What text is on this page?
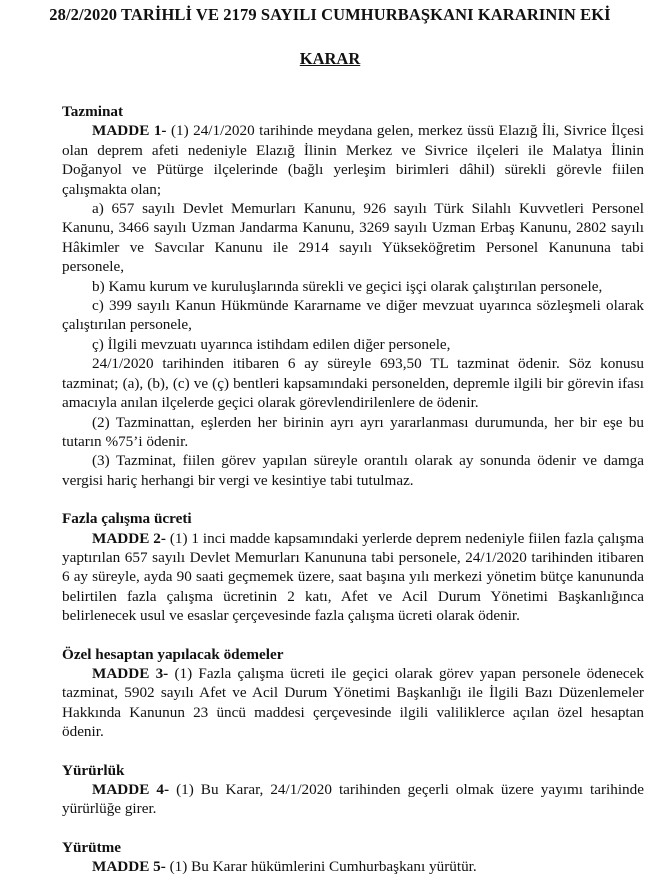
28/2/2020 TARİHLİ VE 2179 SAYILI CUMHURBAŞKANI KARARININ EKİ
KARAR
Tazminat

MADDE 1- (1) 24/1/2020 tarihinde meydana gelen, merkez üssü Elazığ İli, Sivrice İlçesi olan deprem afeti nedeniyle Elazığ İlinin Merkez ve Sivrice ilçeleri ile Malatya İlinin Doğanyol ve Pütürge ilçelerinde (bağlı yerleşim birimleri dâhil) sürekli görevle fiilen çalışmakta olan;

a) 657 sayılı Devlet Memurları Kanunu, 926 sayılı Türk Silahlı Kuvvetleri Personel Kanunu, 3466 sayılı Uzman Jandarma Kanunu, 3269 sayılı Uzman Erbaş Kanunu, 2802 sayılı Hâkimler ve Savcılar Kanunu ile 2914 sayılı Yükseköğretim Personel Kanununa tabi personele,

b) Kamu kurum ve kuruluşlarında sürekli ve geçici işçi olarak çalıştırılan personele,

c) 399 sayılı Kanun Hükmünde Kararname ve diğer mevzuat uyarınca sözleşmeli olarak çalıştırılan personele,

ç) İlgili mevzuatı uyarınca istihdam edilen diğer personele,

24/1/2020 tarihinden itibaren 6 ay süreyle 693,50 TL tazminat ödenir. Söz konusu tazminat; (a), (b), (c) ve (ç) bentleri kapsamındaki personelden, depremle ilgili bir görevin ifası amacıyla anılan ilçelerde geçici olarak görevlendirilenlere de ödenir.

(2) Tazminattan, eşlerden her birinin ayrı ayrı yararlanması durumunda, her bir eşe bu tutarın %75’i ödenir.

(3) Tazminat, fiilen görev yapılan süreyle orantılı olarak ay sonunda ödenir ve damga vergisi hariç herhangi bir vergi ve kesintiye tabi tutulmaz.

Fazla çalışma ücreti

MADDE 2- (1) 1 inci madde kapsamındaki yerlerde deprem nedeniyle fiilen fazla çalışma yaptırılan 657 sayılı Devlet Memurları Kanununa tabi personele, 24/1/2020 tarihinden itibaren 6 ay süreyle, ayda 90 saati geçmemek üzere, saat başına yılı merkezi yönetim bütçe kanununda belirtilen fazla çalışma ücretinin 2 katı, Afet ve Acil Durum Yönetimi Başkanlığınca belirlenecek usul ve esaslar çerçevesinde fazla çalışma ücreti olarak ödenir.

Özel hesaptan yapılacak ödemeler

MADDE 3- (1) Fazla çalışma ücreti ile geçici olarak görev yapan personele ödenecek tazminat, 5902 sayılı Afet ve Acil Durum Yönetimi Başkanlığı ile İlgili Bazı Düzenlemeler Hakkında Kanunun 23 üncü maddesi çerçevesinde ilgili valiliklerce açılan özel hesaptan ödenir.

Yürürlük

MADDE 4- (1) Bu Karar, 24/1/2020 tarihinden geçerli olmak üzere yayımı tarihinde yürürlüğe girer.

Yürütme

MADDE 5- (1) Bu Karar hükümlerini Cumhurbaşkanı yürütür.
